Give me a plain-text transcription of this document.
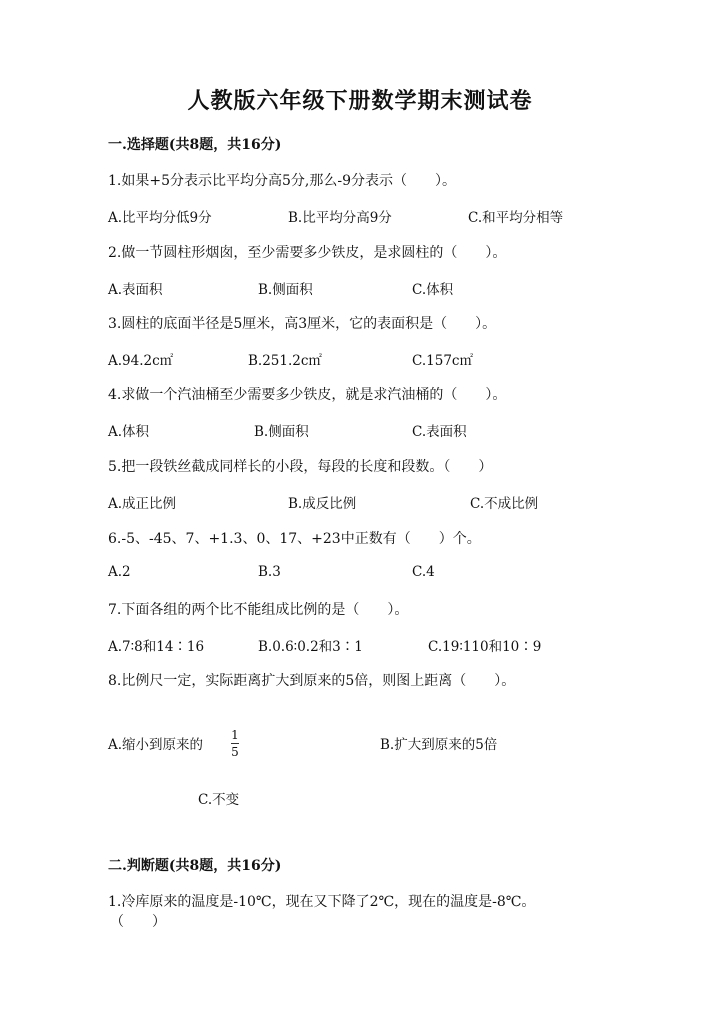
人教版六年级下册数学期末测试卷
一.选择题(共8题，共16分)
1.如果+5分表示比平均分高5分,那么-9分表示（　　）。
A.比平均分低9分	B.比平均分高9分	C.和平均分相等
2.做一节圆柱形烟囱，至少需要多少铁皮，是求圆柱的（　　）。
A.表面积	B.侧面积	C.体积
3.圆柱的底面半径是5厘米，高3厘米，它的表面积是（　　）。
A.94.2c㎡	B.251.2c㎡	C.157c㎡
4.求做一个汽油桶至少需要多少铁皮，就是求汽油桶的（　　）。
A.体积	B.侧面积	C.表面积
5.把一段铁丝截成同样长的小段，每段的长度和段数。（　　）
A.成正比例	B.成反比例	C.不成比例
6.-5、-45、7、+1.3、0、17、+23中正数有（　　）个。
A.2	B.3	C.4
7.下面各组的两个比不能组成比例的是（　　）。
A.7∶8和14∶16	B.0.6∶0.2和3∶1	C.19∶110和10∶9
8.比例尺一定，实际距离扩大到原来的5倍，则图上距离（　　）。
A.缩小到原来的 $\frac{1}{5}$	B.扩大到原来的5倍
C.不变
二.判断题(共8题，共16分)
1.冷库原来的温度是-10℃，现在又下降了2℃，现在的温度是-8℃。
（　　）
